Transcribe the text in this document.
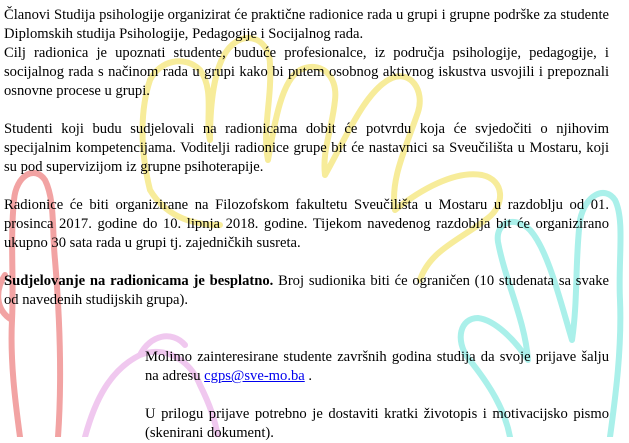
Članovi Studija psihologije organizirat će praktične radionice rada u grupi i grupne podrške za studente Diplomskih studija Psihologije, Pedagogije i Socijalnog rada.
Cilj radionica je upoznati studente, buduće profesionalce, iz područja psihologije, pedagogije, i socijalnog rada s načinom rada u grupi kako bi putem osobnog aktivnog iskustva usvojili i prepoznali osnovne procese u grupi.

Studenti koji budu sudjelovali na radionicama dobit će potvrdu koja će svjedočiti o njihovim specijalnim kompetencijama. Voditelji radionice grupe bit će nastavnici sa Sveučilišta u Mostaru, koji su pod supervizijom iz grupne psihoterapije.

Radionice će biti organizirane na Filozofskom fakultetu Sveučilišta u Mostaru u razdoblju od 01. prosinca 2017. godine do 10. lipnja 2018. godine. Tijekom navedenog razdoblja bit će organizirano ukupno 30 sata rada u grupi tj. zajedničkih susreta.

Sudjelovanje na radionicama je besplatno. Broj sudionika biti će ograničen (10 studenata sa svake od navedenih studijskih grupa).

Molimo zainteresirane studente završnih godina studija da svoje prijave šalju na adresu cgps@sve-mo.ba .

U prilogu prijave potrebno je dostaviti kratki životopis i motivacijsko pismo (skenirani dokument).
